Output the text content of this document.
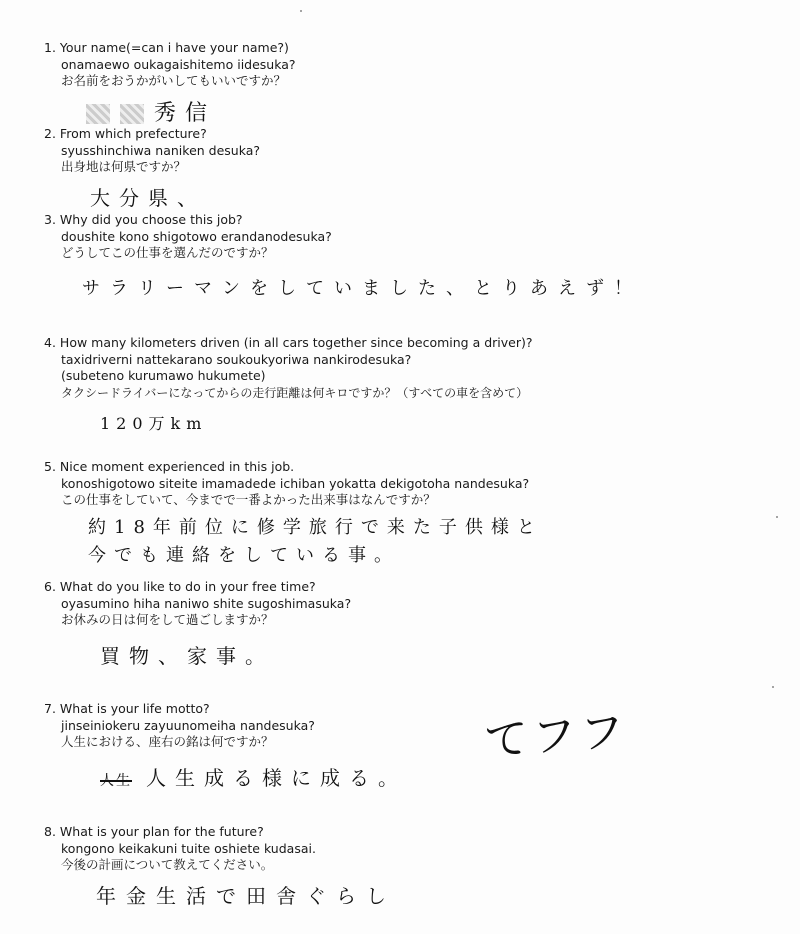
1. Your name(=can i have your name?)
onamaewo oukagaishitemo iidesuka?
お名前をおうかがいしてもいいですか？
秀信
2. From which prefecture?
syusshinchiwa naniken desuka?
出身地は何県ですか？
大分県、
3. Why did you choose this job?
doushite kono shigotowo erandanodesuka?
どうしてこの仕事を選んだのですか？
サラリーマンをしていました、とりあえず！
4. How many kilometers driven (in all cars together since becoming a driver)?
taxidriverni nattekarano soukoukyoriwa nankirodesuka?
(subeteno kurumawo hukumete)
タクシードライバーになってからの走行距離は何キロですか？（すべての車を含めて）
120万km
5. Nice moment experienced in this job.
konoshigotowo siteite imamadede ichiban yokatta dekigotoha nandesuka?
この仕事をしていて、今までで一番よかった出来事はなんですか？
約18年前位に修学旅行で来た子供様と
今でも連絡をしている事。
6. What do you like to do in your free time?
oyasumino hiha naniwo shite sugoshimasuka?
お休みの日は何をして過ごしますか？
買物、家事。
7. What is your life motto?
jinseiniokeru zayuunomeiha nandesuka?
人生における、座右の銘は何ですか？
人生 人生成る様に成る。
てフフ
8. What is your plan for the future?
kongono keikakuni tuite oshiete kudasai.
今後の計画について教えてください。
年金生活で田舎ぐらし
